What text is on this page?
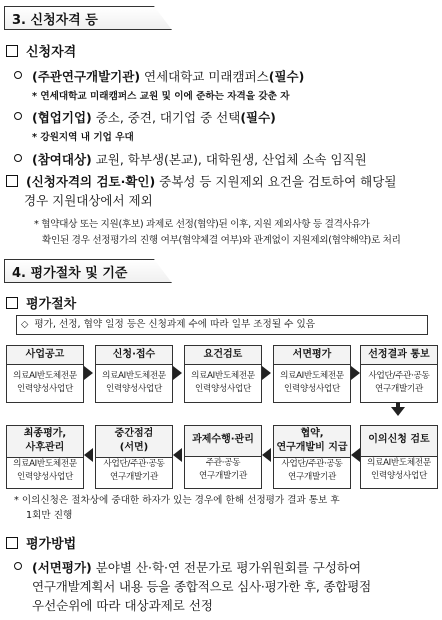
3. 신청자격 등
신청자격
(주관연구개발기관) 연세대학교 미래캠퍼스(필수)
* 연세대학교 미래캠퍼스 교원 및 이에 준하는 자격을 갖춘 자
(협업기업) 중소, 중견, 대기업 중 선택(필수)
* 강원지역 내 기업 우대
(참여대상) 교원, 학부생(본교), 대학원생, 산업체 소속 임직원
(신청자격의 검토·확인) 중복성 등 지원제외 요건을 검토하여 해당될
경우 지원대상에서 제외
* 협약대상 또는 지원(후보) 과제로 선정(협약)된 이후, 지원 제외사항 등 결격사유가
확인된 경우 선정평가의 진행 여부(협약체결 여부)와 관계없이 지원제외(협약해약)로 처리
4. 평가절차 및 기준
평가절차
◇ 평가, 선정, 협약 일정 등은 신청과제 수에 따라 일부 조정될 수 있음
사업공고
의료AI반도체전문
인력양성사업단
신청·접수
의료AI반도체전문
인력양성사업단
요건검토
의료AI반도체전문
인력양성사업단
서면평가
의료AI반도체전문
인력양성사업단
선정결과 통보
사업단/주관·공동
연구개발기관
최종평가,
사후관리
의료AI반도체전문
인력양성사업단
중간점검
(서면)
사업단/주관·공동
연구개발기관
과제수행·관리
주관·공동
연구개발기관
협약,
연구개발비 지급
사업단/주관·공동
연구개발기관
이의신청 검토
의료AI반도체전문
인력양성사업단
* 이의신청은 절차상에 중대한 하자가 있는 경우에 한해 선정평가 결과 통보 후
1회만 진행
평가방법
(서면평가) 분야별 산·학·연 전문가로 평가위원회를 구성하여
연구개발계획서 내용 등을 종합적으로 심사·평가한 후, 종합평점
우선순위에 따라 대상과제로 선정
